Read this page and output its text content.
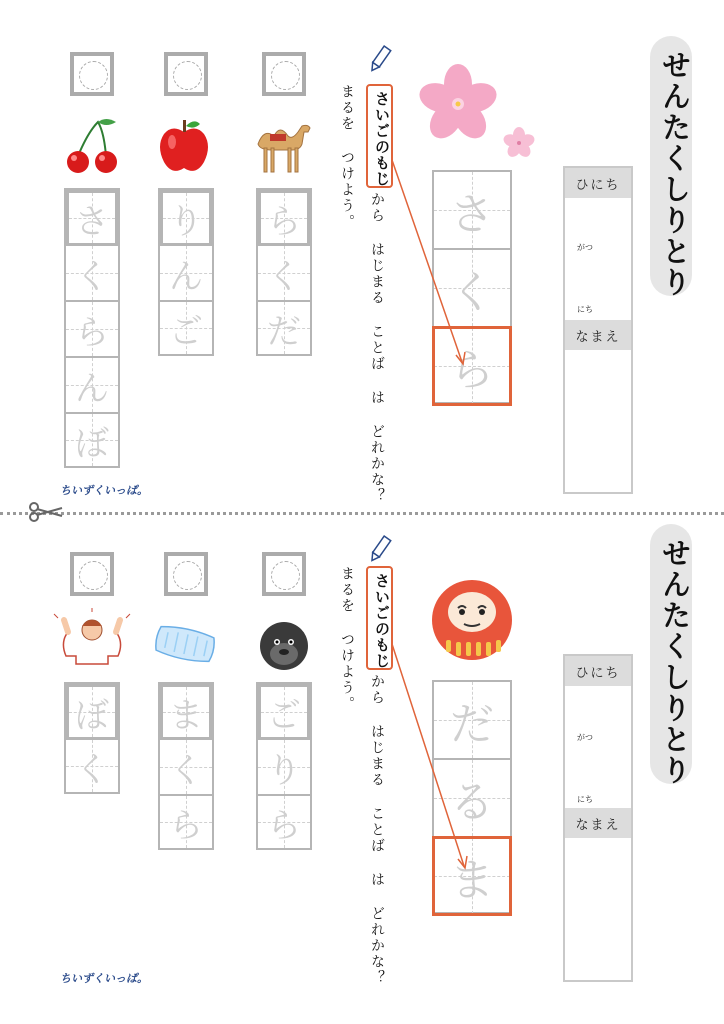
せんたくしりとり
ひにち
がつ
にち
なまえ
さ
く
ら
さいごのもじ
から はじまる ことば は どれかな？
まるを つけよう。
ら
く
だ
り
ん
ご
さ
く
ら
ん
ぼ
ちいずくいっぱ。
せんたくしりとり
ひにち
がつ
にち
なまえ
だ
る
ま
さいごのもじ
から はじまる ことば は どれかな？
まるを つけよう。
ご
り
ら
ま
く
ら
ぼ
く
ちいずくいっぱ。
